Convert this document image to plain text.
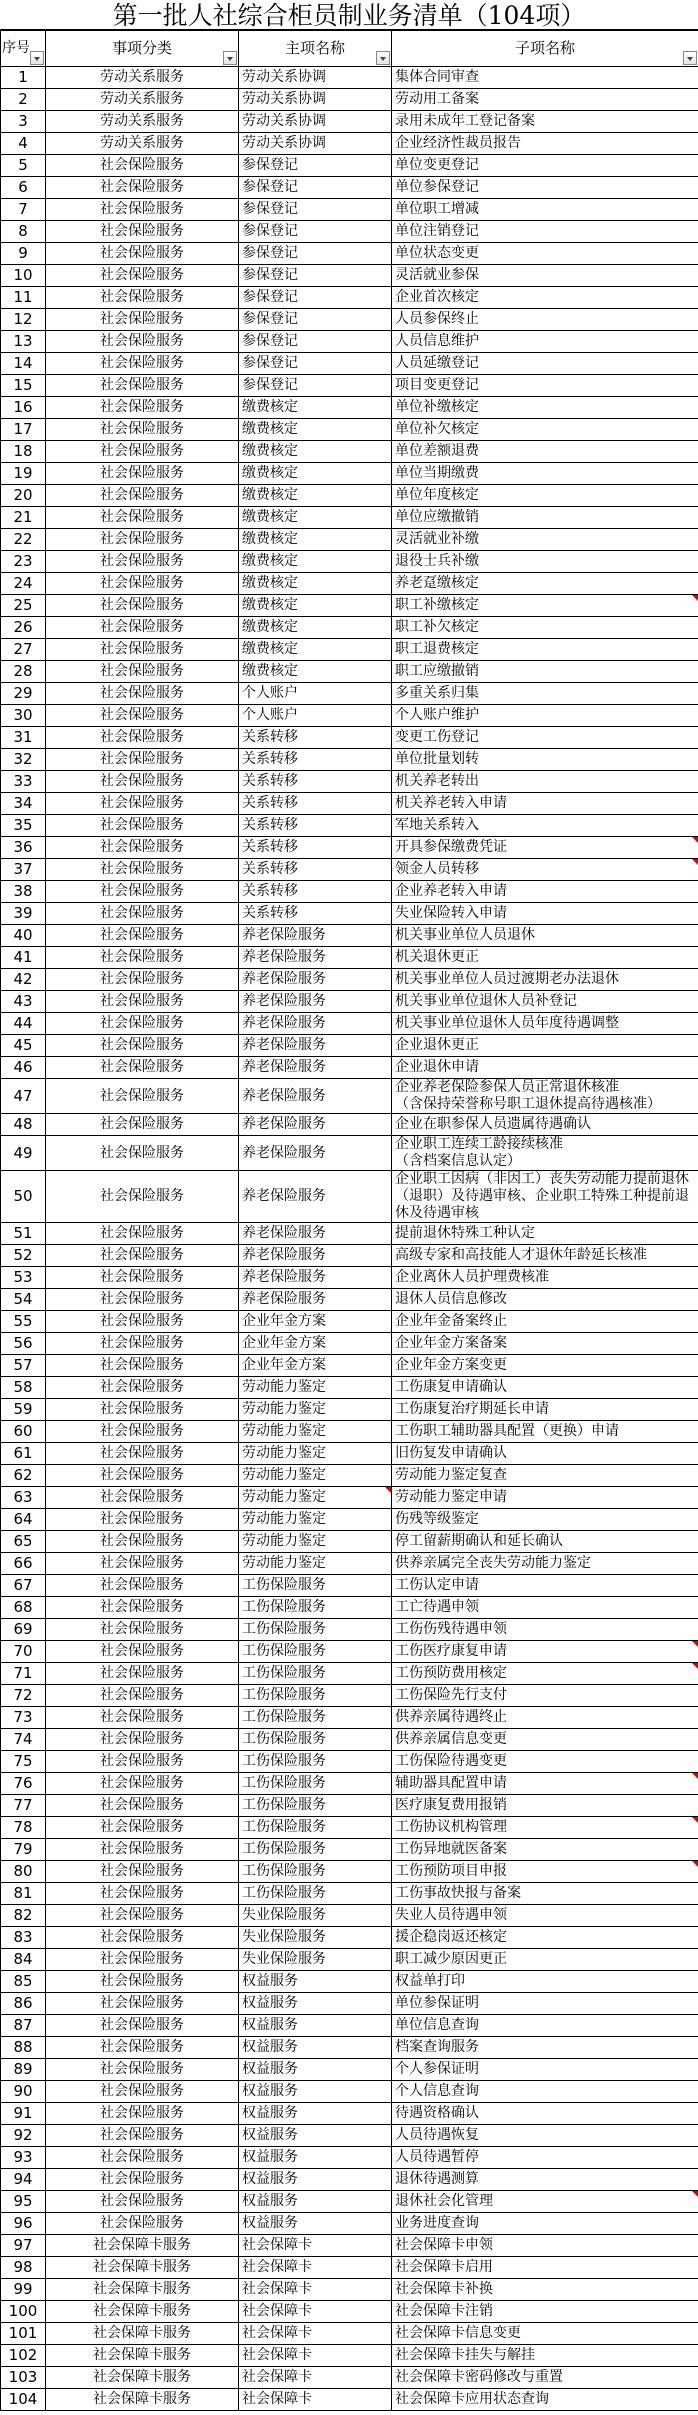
第一批人社综合柜员制业务清单（104项）
序号	事项分类	主项名称	子项名称

1	劳动关系服务	劳动关系协调	集体合同审查
2	劳动关系服务	劳动关系协调	劳动用工备案
3	劳动关系服务	劳动关系协调	录用未成年工登记备案
4	劳动关系服务	劳动关系协调	企业经济性裁员报告
5	社会保险服务	参保登记	单位变更登记
6	社会保险服务	参保登记	单位参保登记
7	社会保险服务	参保登记	单位职工增减
8	社会保险服务	参保登记	单位注销登记
9	社会保险服务	参保登记	单位状态变更
10	社会保险服务	参保登记	灵活就业参保
11	社会保险服务	参保登记	企业首次核定
12	社会保险服务	参保登记	人员参保终止
13	社会保险服务	参保登记	人员信息维护
14	社会保险服务	参保登记	人员延缴登记
15	社会保险服务	参保登记	项目变更登记
16	社会保险服务	缴费核定	单位补缴核定
17	社会保险服务	缴费核定	单位补欠核定
18	社会保险服务	缴费核定	单位差额退费
19	社会保险服务	缴费核定	单位当期缴费
20	社会保险服务	缴费核定	单位年度核定
21	社会保险服务	缴费核定	单位应缴撤销
22	社会保险服务	缴费核定	灵活就业补缴
23	社会保险服务	缴费核定	退役士兵补缴
24	社会保险服务	缴费核定	养老趸缴核定
25	社会保险服务	缴费核定	职工补缴核定

26	社会保险服务	缴费核定	职工补欠核定
27	社会保险服务	缴费核定	职工退费核定
28	社会保险服务	缴费核定	职工应缴撤销
29	社会保险服务	个人账户	多重关系归集
30	社会保险服务	个人账户	个人账户维护
31	社会保险服务	关系转移	变更工伤登记
32	社会保险服务	关系转移	单位批量划转
33	社会保险服务	关系转移	机关养老转出
34	社会保险服务	关系转移	机关养老转入申请
35	社会保险服务	关系转移	军地关系转入
36	社会保险服务	关系转移	开具参保缴费凭证

37	社会保险服务	关系转移	领金人员转移

38	社会保险服务	关系转移	企业养老转入申请
39	社会保险服务	关系转移	失业保险转入申请
40	社会保险服务	养老保险服务	机关事业单位人员退休
41	社会保险服务	养老保险服务	机关退休更正
42	社会保险服务	养老保险服务	机关事业单位人员过渡期老办法退休
43	社会保险服务	养老保险服务	机关事业单位退休人员补登记
44	社会保险服务	养老保险服务	机关事业单位退休人员年度待遇调整
45	社会保险服务	养老保险服务	企业退休更正
46	社会保险服务	养老保险服务	企业退休申请
47	社会保险服务	养老保险服务	企业养老保险参保人员正常退休核准
（含保持荣誉称号职工退休提高待遇核准）
48	社会保险服务	养老保险服务	企业在职参保人员遗属待遇确认
49	社会保险服务	养老保险服务	企业职工连续工龄接续核准
（含档案信息认定）
50	社会保险服务	养老保险服务	企业职工因病（非因工）丧失劳动能力提前退休（退职）及待遇审核、企业职工特殊工种提前退休及待遇审核
51	社会保险服务	养老保险服务	提前退休特殊工种认定
52	社会保险服务	养老保险服务	高级专家和高技能人才退休年龄延长核准
53	社会保险服务	养老保险服务	企业离休人员护理费核准
54	社会保险服务	养老保险服务	退休人员信息修改
55	社会保险服务	企业年金方案	企业年金备案终止
56	社会保险服务	企业年金方案	企业年金方案备案
57	社会保险服务	企业年金方案	企业年金方案变更
58	社会保险服务	劳动能力鉴定	工伤康复申请确认
59	社会保险服务	劳动能力鉴定	工伤康复治疗期延长申请
60	社会保险服务	劳动能力鉴定	工伤职工辅助器具配置（更换）申请
61	社会保险服务	劳动能力鉴定	旧伤复发申请确认
62	社会保险服务	劳动能力鉴定	劳动能力鉴定复查
63	社会保险服务	劳动能力鉴定	劳动能力鉴定申请
64	社会保险服务	劳动能力鉴定	伤残等级鉴定
65	社会保险服务	劳动能力鉴定	停工留薪期确认和延长确认
66	社会保险服务	劳动能力鉴定	供养亲属完全丧失劳动能力鉴定
67	社会保险服务	工伤保险服务	工伤认定申请
68	社会保险服务	工伤保险服务	工亡待遇申领
69	社会保险服务	工伤保险服务	工伤伤残待遇申领
70	社会保险服务	工伤保险服务	工伤医疗康复申请

71	社会保险服务	工伤保险服务	工伤预防费用核定

72	社会保险服务	工伤保险服务	工伤保险先行支付
73	社会保险服务	工伤保险服务	供养亲属待遇终止
74	社会保险服务	工伤保险服务	供养亲属信息变更
75	社会保险服务	工伤保险服务	工伤保险待遇变更
76	社会保险服务	工伤保险服务	辅助器具配置申请

77	社会保险服务	工伤保险服务	医疗康复费用报销
78	社会保险服务	工伤保险服务	工伤协议机构管理

79	社会保险服务	工伤保险服务	工伤异地就医备案
80	社会保险服务	工伤保险服务	工伤预防项目申报

81	社会保险服务	工伤保险服务	工伤事故快报与备案
82	社会保险服务	失业保险服务	失业人员待遇申领
83	社会保险服务	失业保险服务	援企稳岗返还核定
84	社会保险服务	失业保险服务	职工减少原因更正
85	社会保险服务	权益服务	权益单打印
86	社会保险服务	权益服务	单位参保证明
87	社会保险服务	权益服务	单位信息查询
88	社会保险服务	权益服务	档案查询服务
89	社会保险服务	权益服务	个人参保证明
90	社会保险服务	权益服务	个人信息查询
91	社会保险服务	权益服务	待遇资格确认
92	社会保险服务	权益服务	人员待遇恢复
93	社会保险服务	权益服务	人员待遇暂停
94	社会保险服务	权益服务	退休待遇测算
95	社会保险服务	权益服务	退休社会化管理

96	社会保险服务	权益服务	业务进度查询
97	社会保障卡服务	社会保障卡	社会保障卡申领
98	社会保障卡服务	社会保障卡	社会保障卡启用
99	社会保障卡服务	社会保障卡	社会保障卡补换
100	社会保障卡服务	社会保障卡	社会保障卡注销
101	社会保障卡服务	社会保障卡	社会保障卡信息变更
102	社会保障卡服务	社会保障卡	社会保障卡挂失与解挂
103	社会保障卡服务	社会保障卡	社会保障卡密码修改与重置
104	社会保障卡服务	社会保障卡	社会保障卡应用状态查询
